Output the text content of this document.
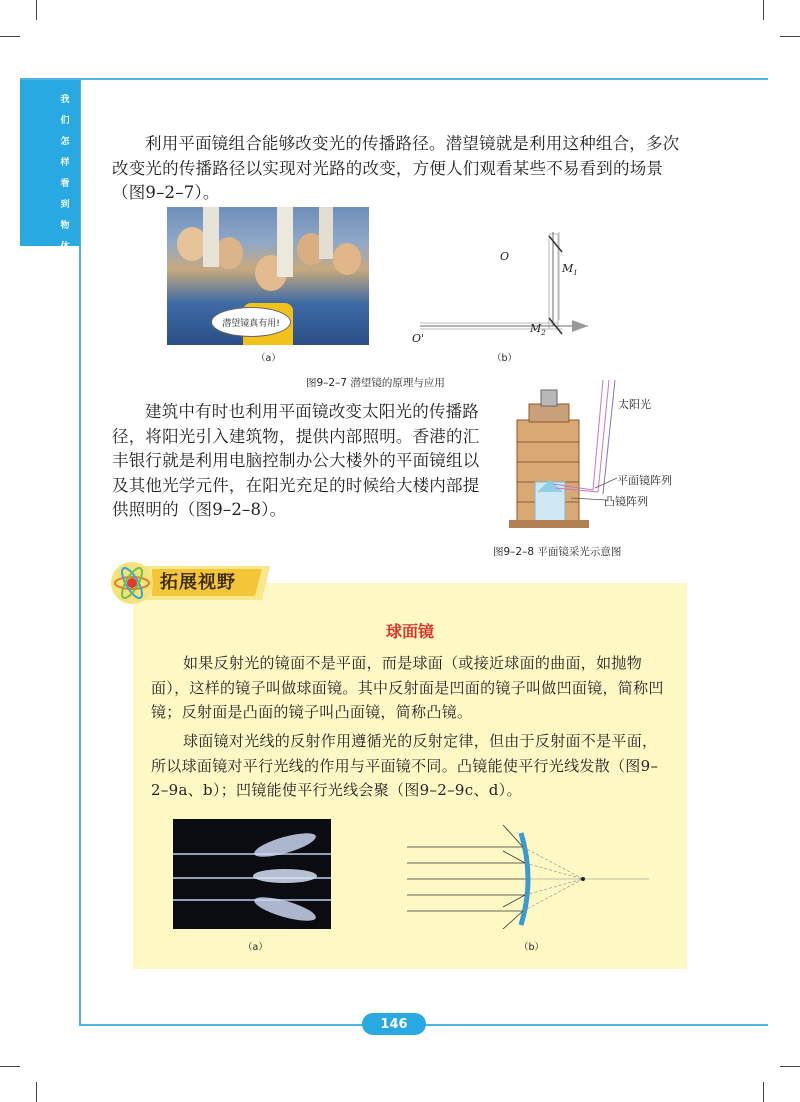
我
们
怎
样
看
到
物
体

利用平面镜组合能够改变光的传播路径。潜望镜就是利用这种组合，多次改变光的传播路径以实现对光路的改变，方便人们观看某些不易看到的场景（图9–2–7）。

潜望镜真有用!
（a）
O
O'
$M_1$
$M_2$
（b）
图9–2–7 潜望镜的原理与应用

建筑中有时也利用平面镜改变太阳光的传播路径，将阳光引入建筑物，提供内部照明。香港的汇丰银行就是利用电脑控制办公大楼外的平面镜组以及其他光学元件，在阳光充足的时候给大楼内部提供照明的（图9–2–8）。

太阳光
平面镜阵列
凸镜阵列
图9–2–8 平面镜采光示意图
球面镜

如果反射光的镜面不是平面，而是球面（或接近球面的曲面，如抛物面），这样的镜子叫做球面镜。其中反射面是凹面的镜子叫做凹面镜，简称凹镜；反射面是凸面的镜子叫凸面镜，简称凸镜。

球面镜对光线的反射作用遵循光的反射定律，但由于反射面不是平面，所以球面镜对平行光线的作用与平面镜不同。凸镜能使平行光线发散（图9–2–9a、b）；凹镜能使平行光线会聚（图9–2–9c、d）。

（a）	（b）
拓展视野
146
